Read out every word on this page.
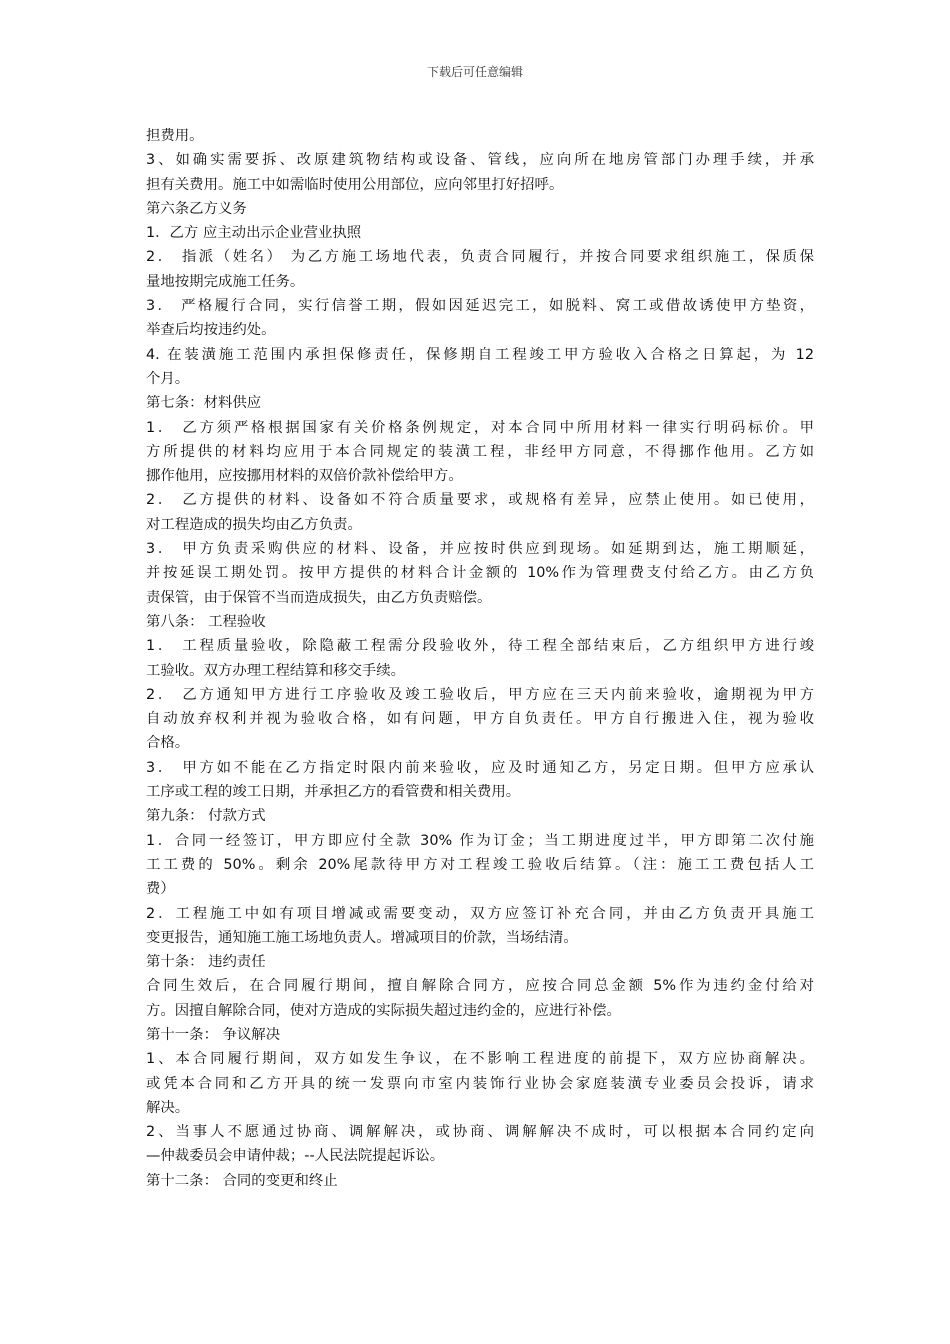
下载后可任意编辑
担费用。
3、如确实需要拆、改原建筑物结构或设备、管线，应向所在地房管部门办理手续，并承
担有关费用。施工中如需临时使用公用部位，应向邻里打好招呼。
第六条乙方义务
1．乙方 应主动出示企业营业执照
2． 指派（姓名） 为乙方施工场地代表，负责合同履行，并按合同要求组织施工，保质保
量地按期完成施工任务。
3． 严格履行合同，实行信誉工期，假如因延迟完工，如脱料、窝工或借故诱使甲方垫资，
举查后均按违约处。
4. 在装潢施工范围内承担保修责任，保修期自工程竣工甲方验收入合格之日算起，为 12
个月。
第七条：材料供应
1． 乙方须严格根据国家有关价格条例规定，对本合同中所用材料一律实行明码标价。甲
方所提供的材料均应用于本合同规定的装潢工程，非经甲方同意，不得挪作他用。乙方如
挪作他用，应按挪用材料的双倍价款补偿给甲方。
2． 乙方提供的材料、设备如不符合质量要求，或规格有差异，应禁止使用。如已使用，
对工程造成的损失均由乙方负责。
3． 甲方负责采购供应的材料、设备，并应按时供应到现场。如延期到达，施工期顺延，
并按延误工期处罚。按甲方提供的材料合计金额的 10%作为管理费支付给乙方。由乙方负
责保管，由于保管不当而造成损失，由乙方负责赔偿。
第八条： 工程验收
1． 工程质量验收，除隐蔽工程需分段验收外，待工程全部结束后，乙方组织甲方进行竣
工验收。双方办理工程结算和移交手续。
2． 乙方通知甲方进行工序验收及竣工验收后，甲方应在三天内前来验收，逾期视为甲方
自动放弃权利并视为验收合格，如有问题，甲方自负责任。甲方自行搬进入住，视为验收
合格。
3． 甲方如不能在乙方指定时限内前来验收，应及时通知乙方，另定日期。但甲方应承认
工序或工程的竣工日期，并承担乙方的看管费和相关费用。
第九条： 付款方式
1．合同一经签订，甲方即应付全款 30% 作为订金；当工期进度过半，甲方即第二次付施
工工费的 50%。剩余 20%尾款待甲方对工程竣工验收后结算。（注：施工工费包括人工
费）
2．工程施工中如有项目增减或需要变动，双方应签订补充合同，并由乙方负责开具施工
变更报告，通知施工施工场地负责人。增减项目的价款，当场结清。
第十条： 违约责任
合同生效后，在合同履行期间，擅自解除合同方，应按合同总金额 5%作为违约金付给对
方。因擅自解除合同，使对方造成的实际损失超过违约金的，应进行补偿。
第十一条： 争议解决
1、本合同履行期间，双方如发生争议，在不影响工程进度的前提下，双方应协商解决。
或凭本合同和乙方开具的统一发票向市室内装饰行业协会家庭装潢专业委员会投诉，请求
解决。
2、当事人不愿通过协商、调解解决，或协商、调解解决不成时，可以根据本合同约定向
—仲裁委员会申请仲裁；--人民法院提起诉讼。
第十二条： 合同的变更和终止
